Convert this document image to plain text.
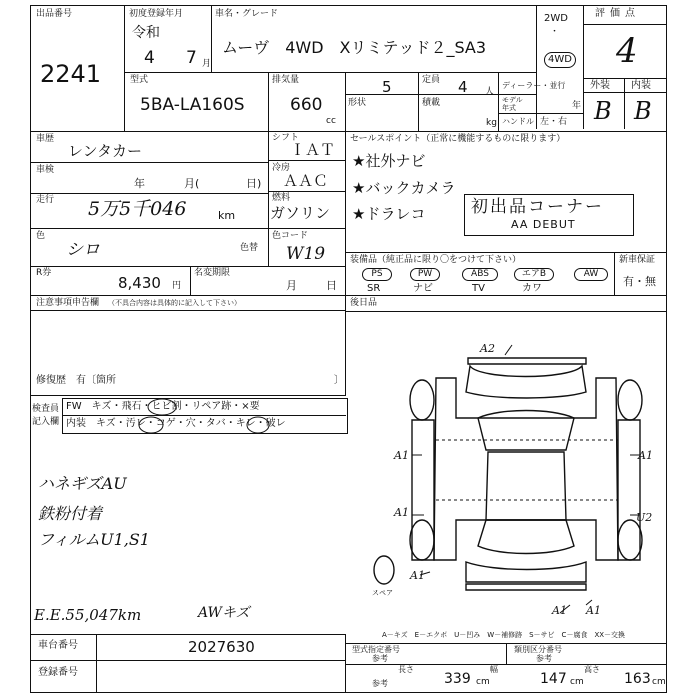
出品番号
2241
初度登録年月
令和
4 7 月
車名・グレード
ムーヴ　4WD　Xリミテッド２_SA3
2WD
・
4WD
評価点
4
型式
5BA-LA160S
排気量
660
cc
定員
5	4 人
形状	積載
kg
ディーラー・並行
モデル
年式	年
ハンドル 左・右
外装 内装
B B
車歴
レンタカー
シフト
ＩＡＴ
冷房
ＡＡＣ
車検
年	月(	日)
走行 5万5千046	km
燃料
ガソリン
色
シロ	色替
色コード
W19
R券
8,430 円
名変期限
月	日
セールスポイント（正常に機能するものに限ります）
★社外ナビ
★バックカメラ
★ドラレコ	初出品コーナー
AA DEBUT
装備品（純正品に限り〇をつけて下さい）	新車保証
有・無
PS	PW	ABS	エアB	AW
SR	ナビ	TV	カワ
注意事項申告欄 （不具合内容は具体的に記入して下さい）
修復歴　有〔箇所	〕
後日品
検査員
記入欄
FW　キズ・飛石・ヒビ割・リペア跡・×要
内装　キズ・汚レ・コゲ・穴・タバ・キレ・破レ
ハネギズAU
鉄粉付着
フィルムU1,S1
E.E.55,047km	AWキズ
A2
A1	A1
A1
A1
A1
U2
A1
スペア
A－キズ　E－エクボ　U－凹み　W－補修跡　S－サビ　C－腐食　XX－交換
車台番号	2027630
登録番号
型式指定番号
参考
類別区分番号
参考
長さ
参考	339 cm
幅
147 cm
高さ
163 cm
